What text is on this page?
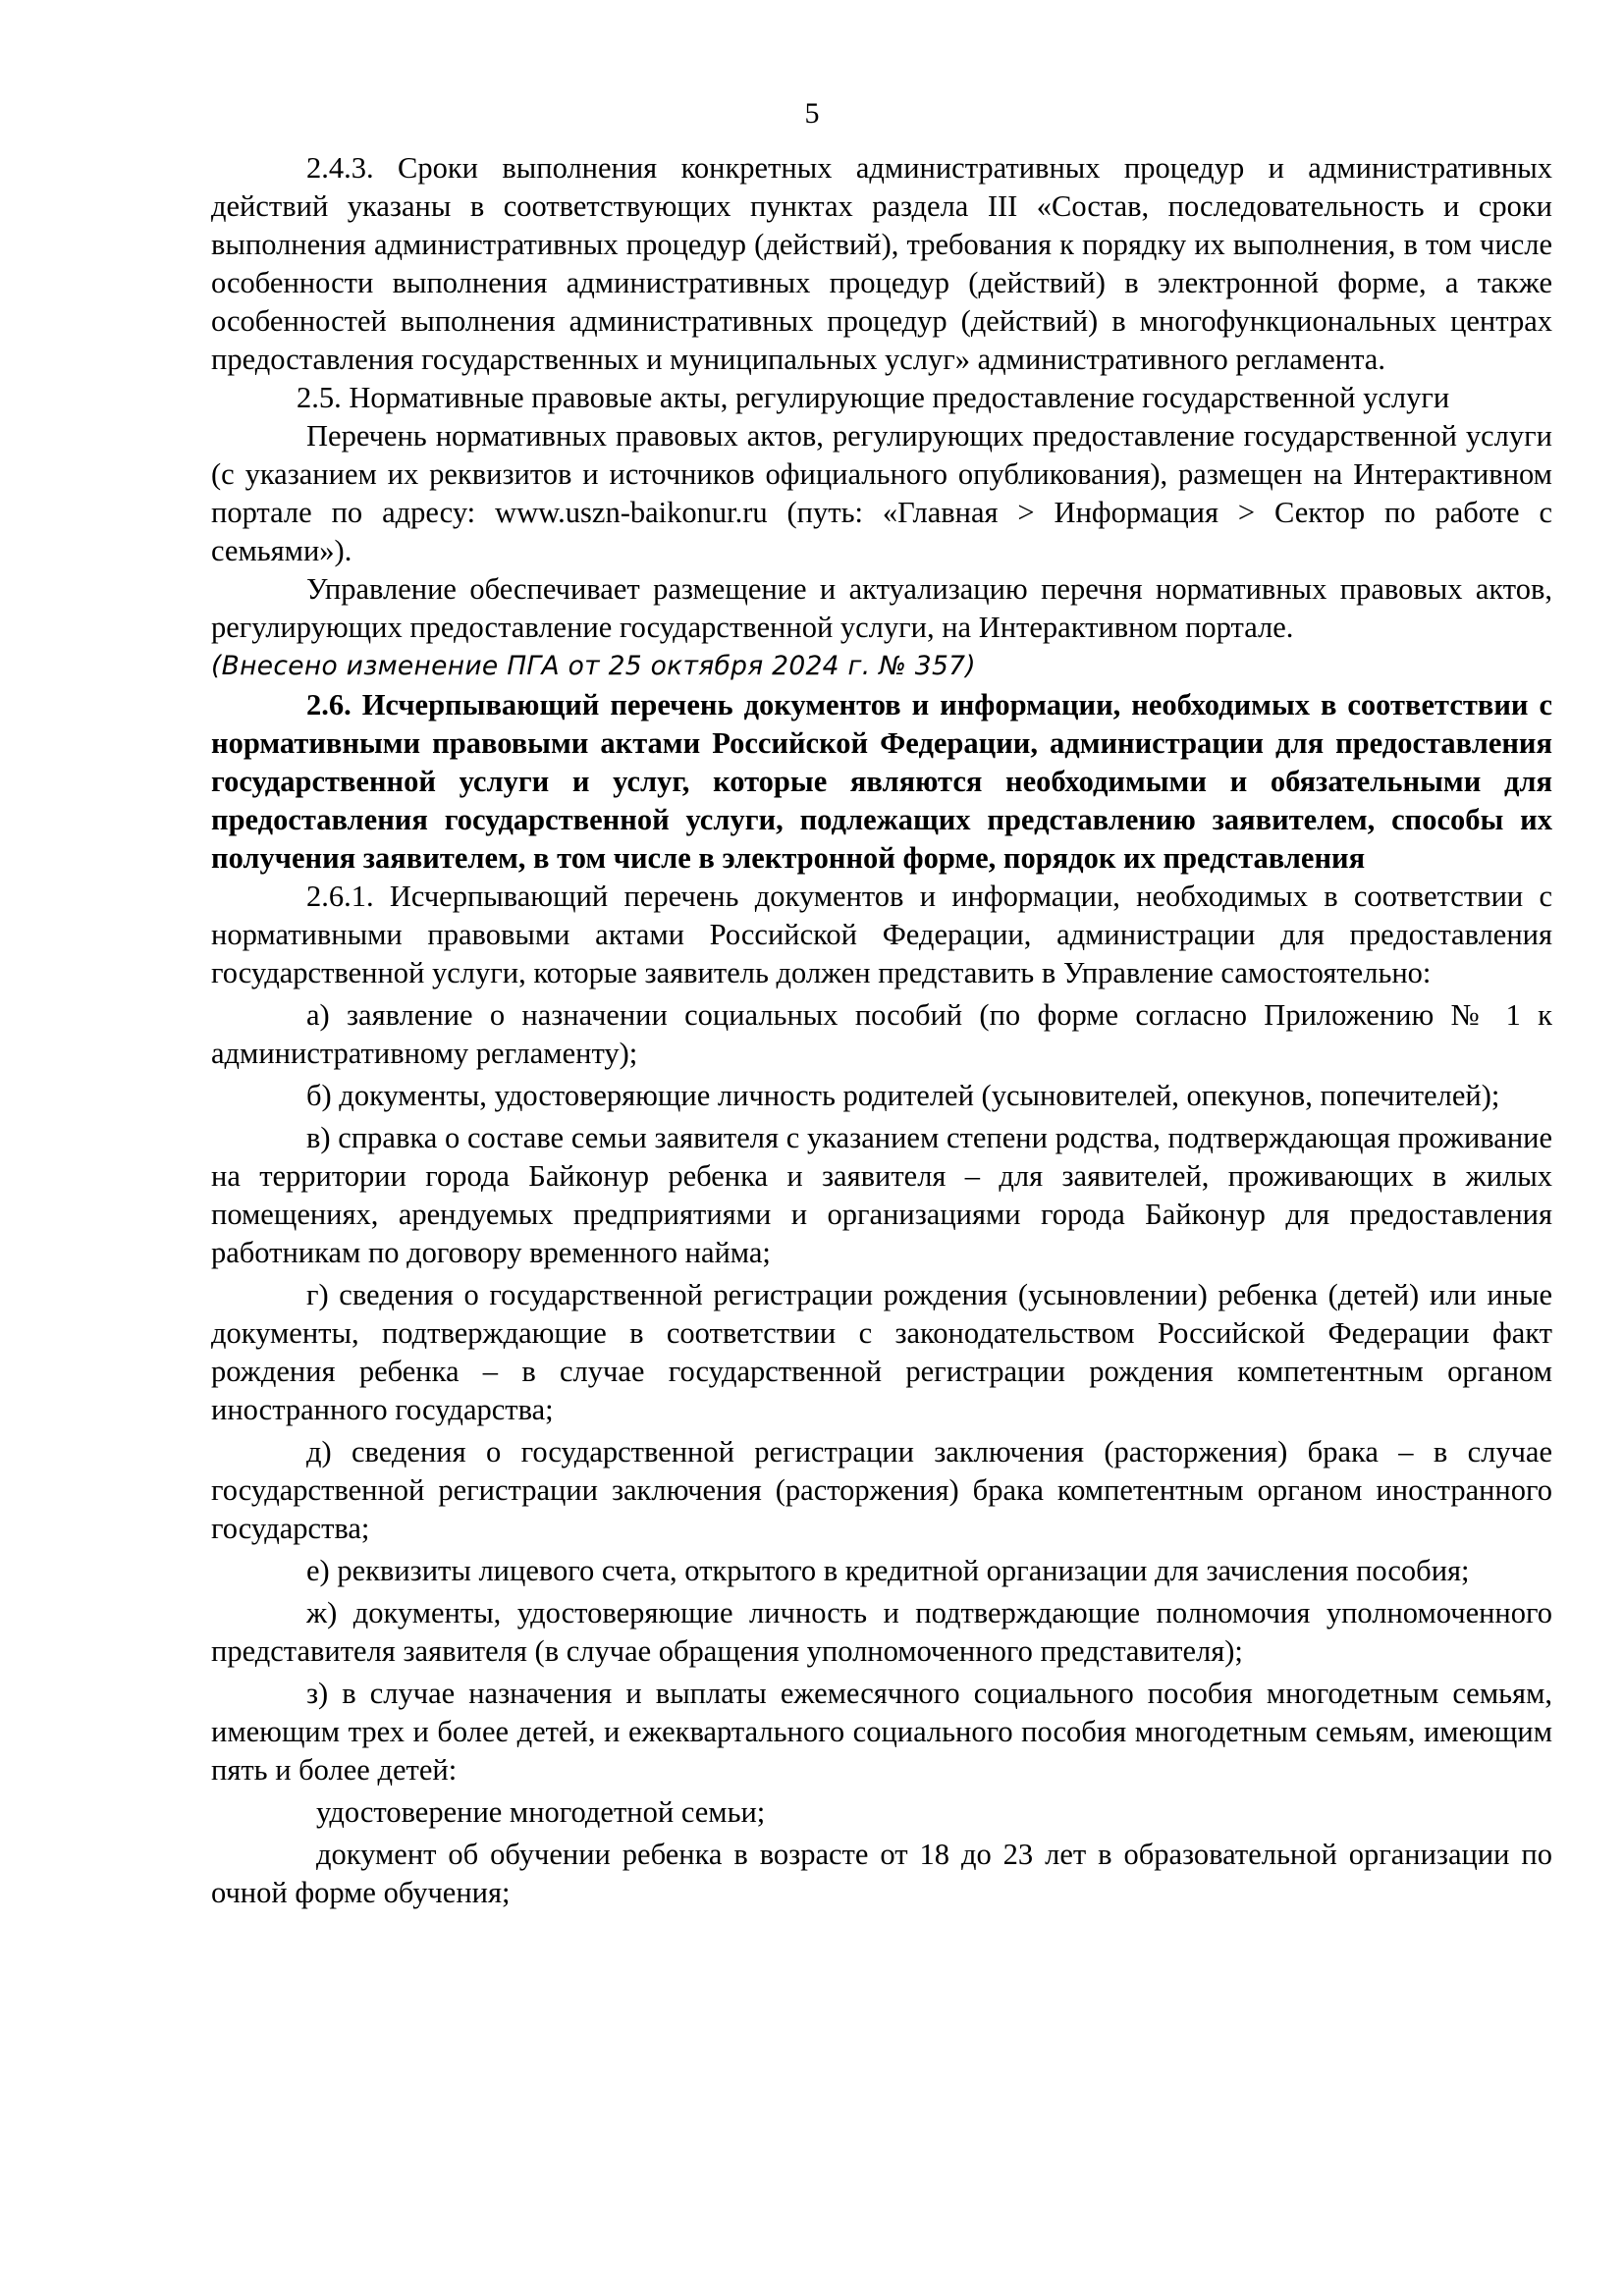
5

2.4.3. Сроки выполнения конкретных административных процедур и административных действий указаны в соответствующих пунктах раздела III «Состав, последовательность и сроки выполнения административных процедур (действий), требования к порядку их выполнения, в том числе особенности выполнения административных процедур (действий) в электронной форме, а также особенностей выполнения административных процедур (действий) в многофункциональных центрах предоставления государственных и муниципальных услуг» административного регламента.

2.5. Нормативные правовые акты, регулирующие предоставление государственной услуги

Перечень нормативных правовых актов, регулирующих предоставление государственной услуги (с указанием их реквизитов и источников официального опубликования), размещен на Интерактивном портале по адресу: www.uszn-baikonur.ru (путь: «Главная > Информация > Сектор по работе с семьями»).

Управление обеспечивает размещение и актуализацию перечня нормативных правовых актов, регулирующих предоставление государственной услуги, на Интерактивном портале.

(Внесено изменение ПГА от 25 октября 2024 г. № 357)

2.6. Исчерпывающий перечень документов и информации, необходимых в соответствии с нормативными правовыми актами Российской Федерации, администрации для предоставления государственной услуги и услуг, которые являются необходимыми и обязательными для предоставления государственной услуги, подлежащих представлению заявителем, способы их получения заявителем, в том числе в электронной форме, порядок их представления

2.6.1. Исчерпывающий перечень документов и информации, необходимых в соответствии с нормативными правовыми актами Российской Федерации, администрации для предоставления государственной услуги, которые заявитель должен представить в Управление самостоятельно:

а) заявление о назначении социальных пособий (по форме согласно Приложению № 1 к административному регламенту);

б) документы, удостоверяющие личность родителей (усыновителей, опекунов, попечителей);

в) справка о составе семьи заявителя с указанием степени родства, подтверждающая проживание на территории города Байконур ребенка и заявителя – для заявителей, проживающих в жилых помещениях, арендуемых предприятиями и организациями города Байконур для предоставления работникам по договору временного найма;

г) сведения о государственной регистрации рождения (усыновлении) ребенка (детей) или иные документы, подтверждающие в соответствии с законодательством Российской Федерации факт рождения ребенка – в случае государственной регистрации рождения компетентным органом иностранного государства;

д) сведения о государственной регистрации заключения (расторжения) брака – в случае государственной регистрации заключения (расторжения) брака компетентным органом иностранного государства;

е) реквизиты лицевого счета, открытого в кредитной организации для зачисления пособия;

ж) документы, удостоверяющие личность и подтверждающие полномочия уполномоченного представителя заявителя (в случае обращения уполномоченного представителя);

з) в случае назначения и выплаты ежемесячного социального пособия многодетным семьям, имеющим трех и более детей, и ежеквартального социального пособия многодетным семьям, имеющим пять и более детей:

удостоверение многодетной семьи;

документ об обучении ребенка в возрасте от 18 до 23 лет в образовательной организации по очной форме обучения;
